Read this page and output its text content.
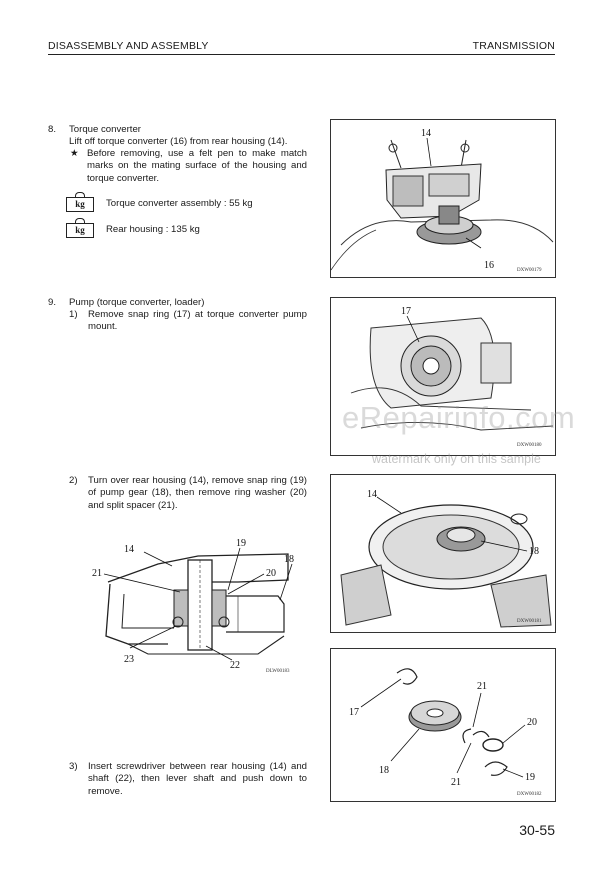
DISASSEMBLY AND ASSEMBLY	TRANSMISSION
8. Torque converter
Lift off torque converter (16) from rear housing (14).
★ Before removing, use a felt pen to make match marks on the mating surface of the housing and torque converter.
kg	Torque converter assembly : 55 kg
kg	Rear housing : 135 kg
9. Pump (torque converter, loader)
1) Remove snap ring (17) at torque converter pump mount.
2) Turn over rear housing (14), remove snap ring (19) of pump gear (18), then remove ring washer (20) and split spacer (21).
3) Insert screwdriver between rear housing (14) and shaft (22), then lever shaft and push down to remove.
14
16	DXW00179
17
DXW00180
14
18
DXW00181
17
21
20
18
21	19
DXW00182
14
19
21	20
18
23
22
DLW00183
eRepairinfo.com
watermark only on this sample
30-55
